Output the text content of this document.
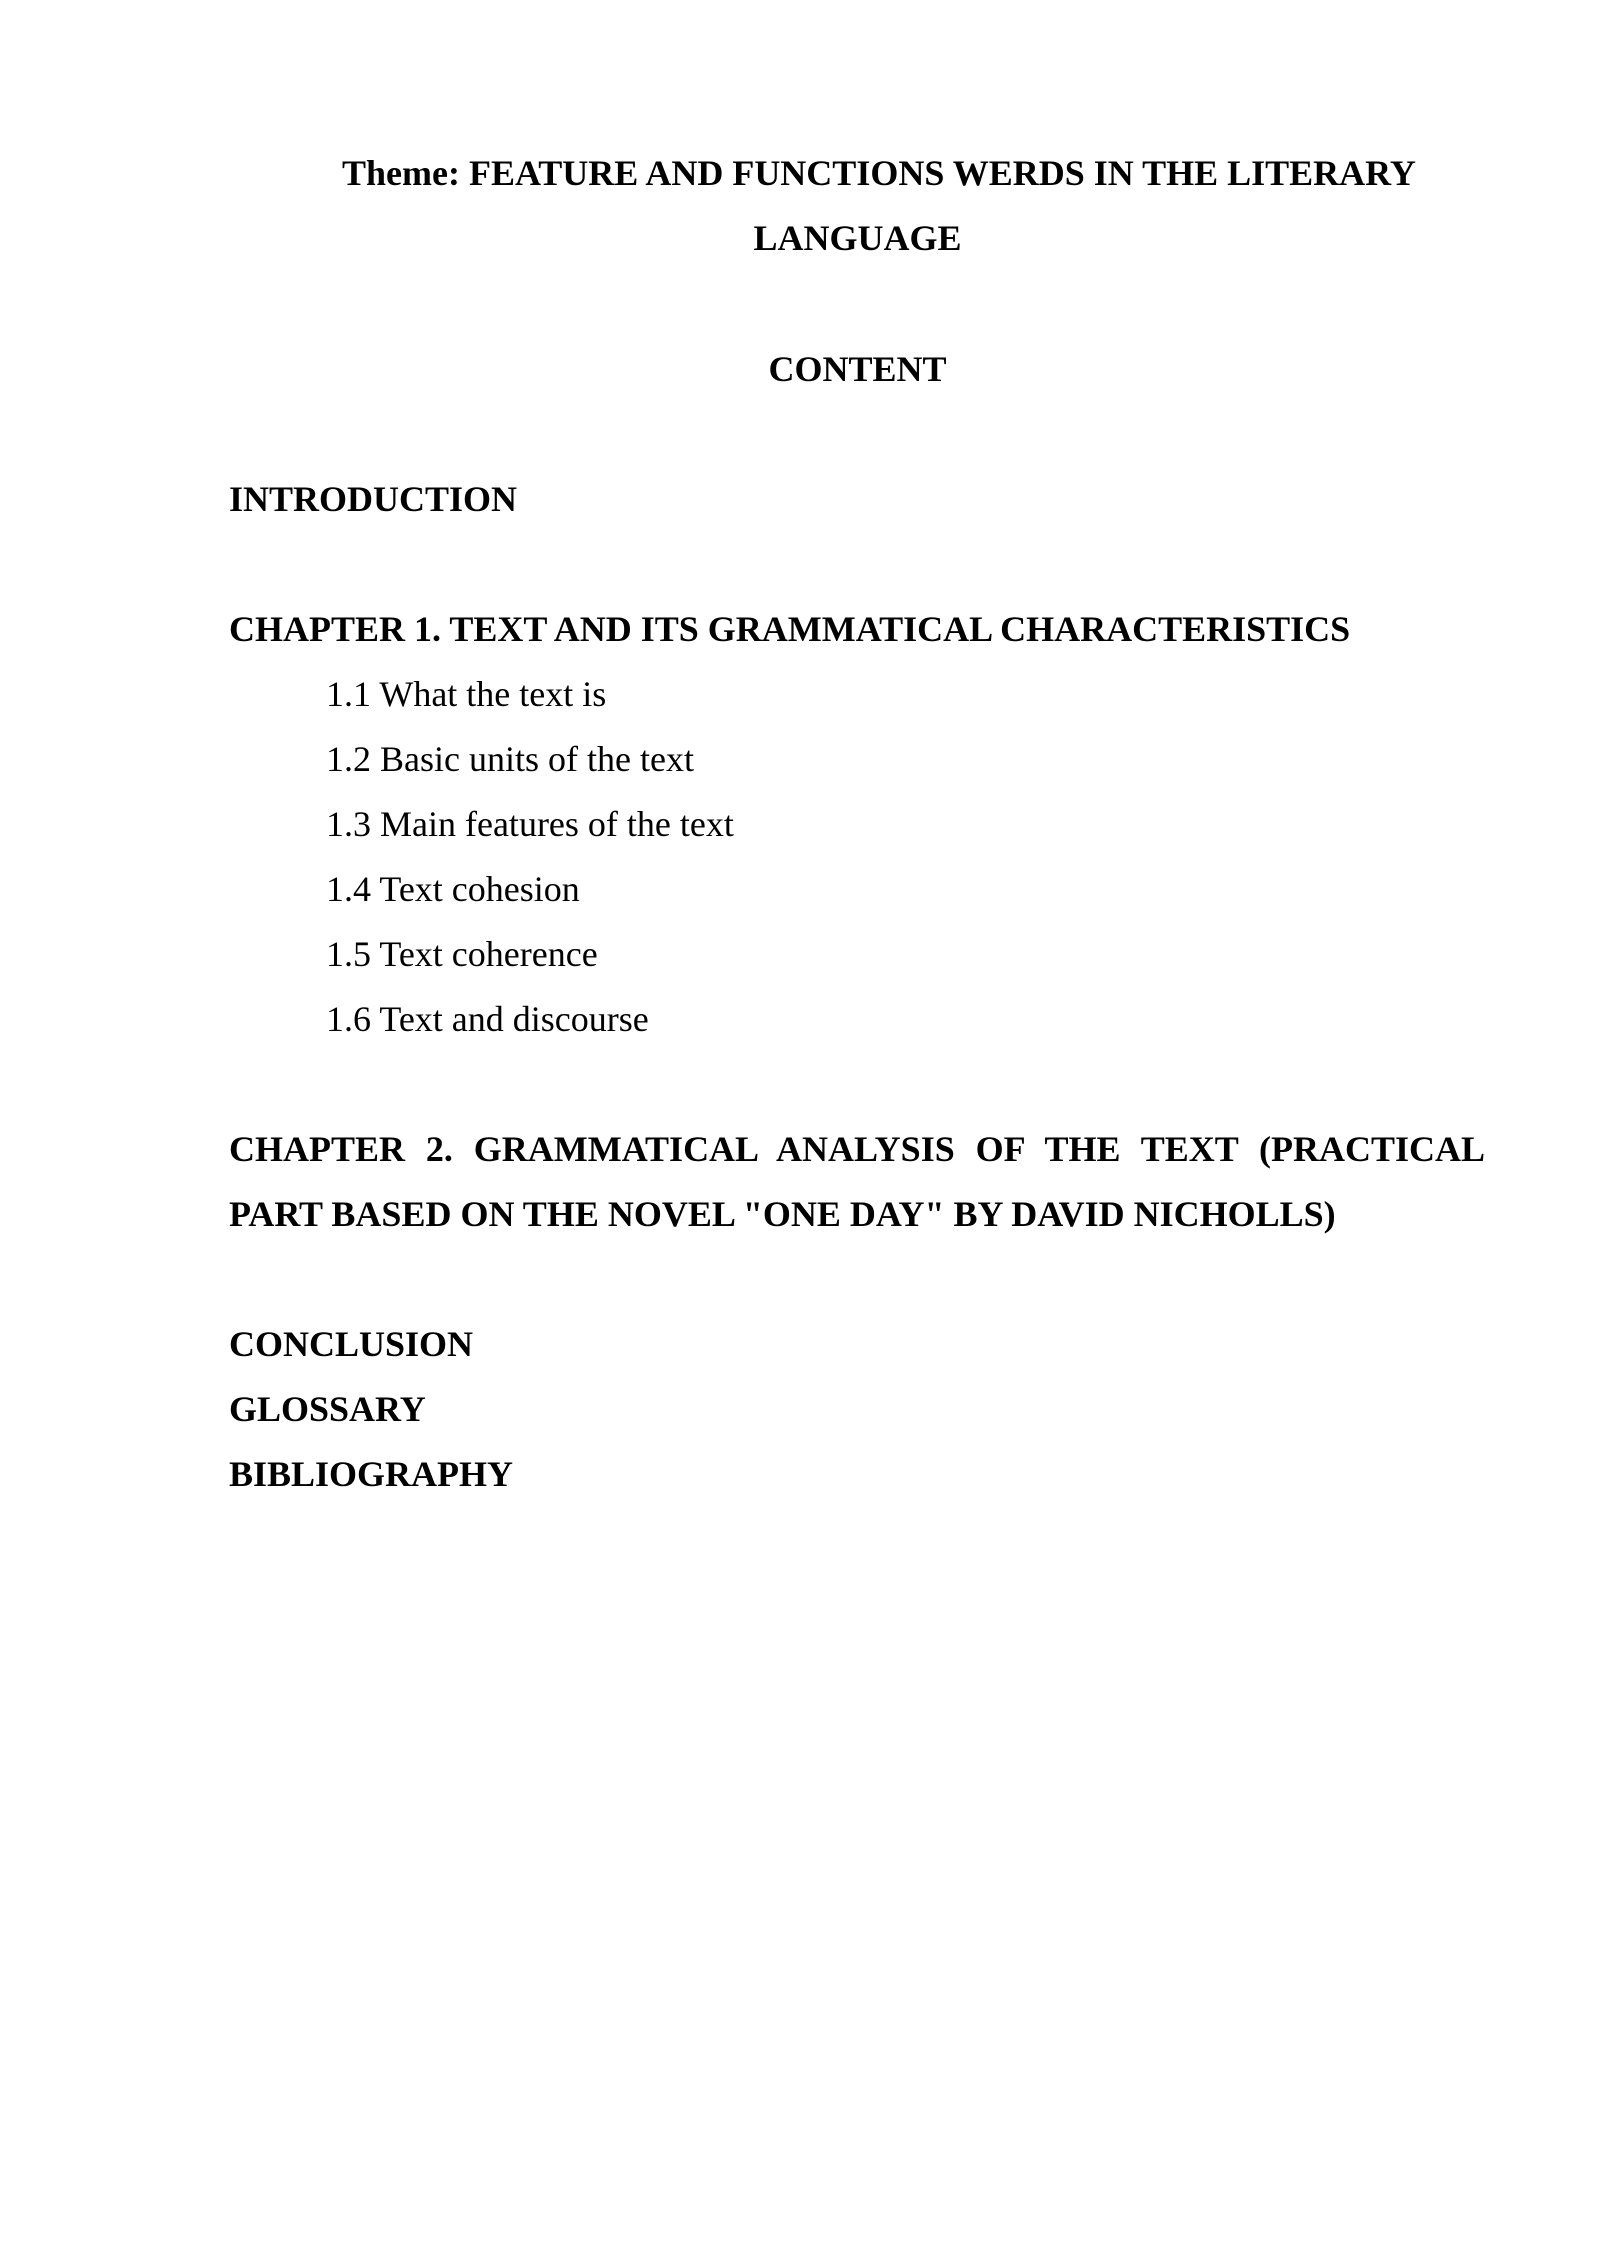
Theme: FEATURE AND FUNCTIONS WERDS IN THE LITERARY
LANGUAGE
CONTENT
INTRODUCTION
CHAPTER 1. TEXT AND ITS GRAMMATICAL CHARACTERISTICS
1.1 What the text is
1.2 Basic units of the text
1.3 Main features of the text
1.4 Text cohesion
1.5 Text coherence
1.6 Text and discourse
CHAPTER 2. GRAMMATICAL ANALYSIS OF THE TEXT (PRACTICAL
PART BASED ON THE NOVEL "ONE DAY" BY DAVID NICHOLLS)
CONCLUSION
GLOSSARY
BIBLIOGRAPHY
